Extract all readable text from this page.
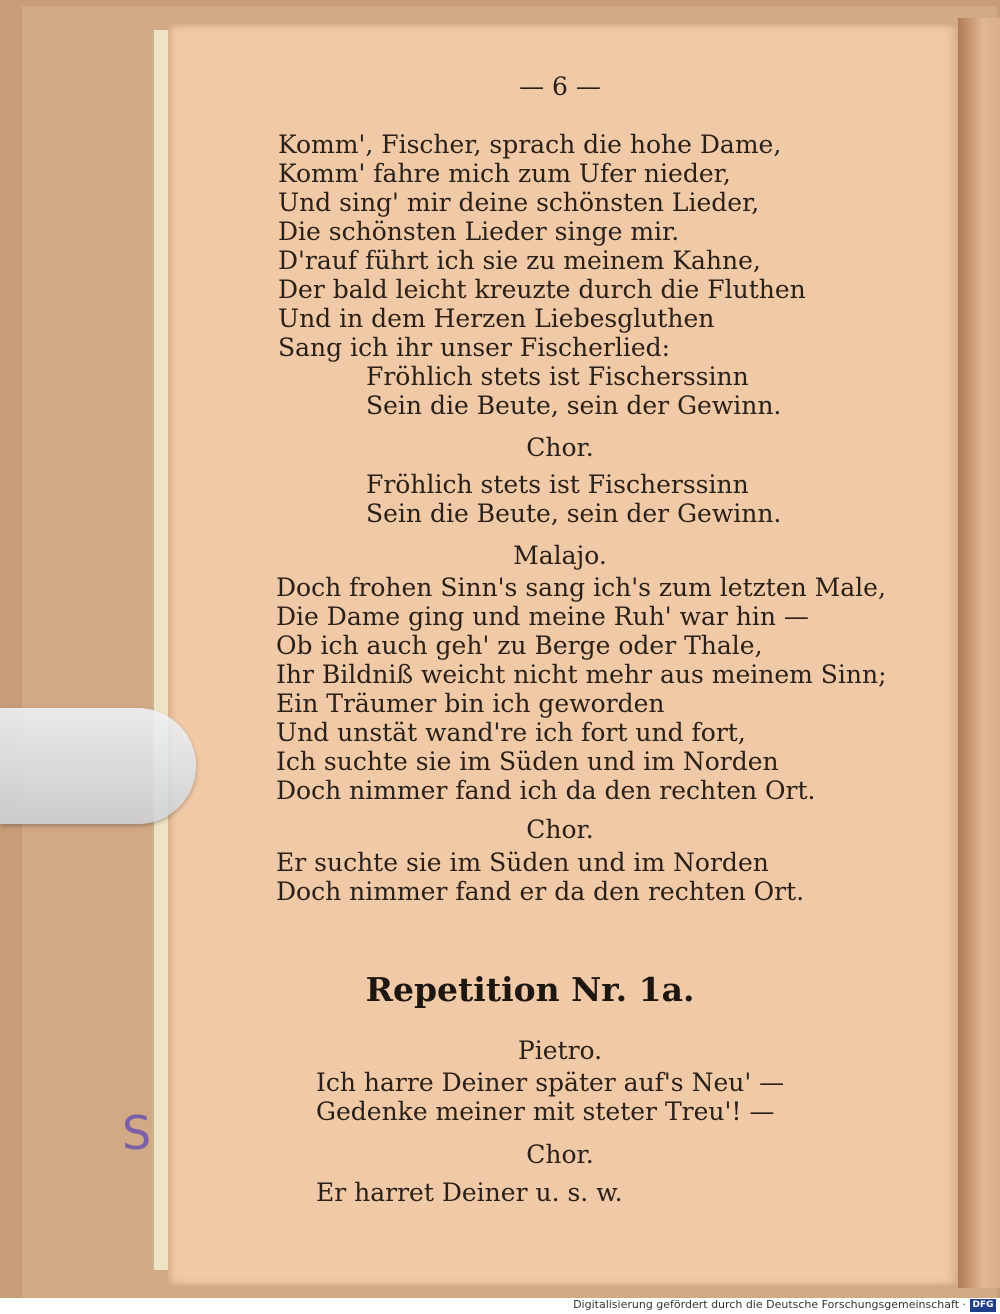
S
— 6 —
Komm', Fischer, sprach die hohe Dame,
Komm' fahre mich zum Ufer nieder,
Und sing' mir deine schönsten Lieder,
Die schönsten Lieder singe mir.
D'rauf führt ich sie zu meinem Kahne,
Der bald leicht kreuzte durch die Fluthen
Und in dem Herzen Liebesgluthen
Sang ich ihr unser Fischerlied:
Fröhlich stets ist Fischerssinn
Sein die Beute, sein der Gewinn.
Chor.
Fröhlich stets ist Fischerssinn
Sein die Beute, sein der Gewinn.
Malajo.
Doch frohen Sinn's sang ich's zum letzten Male,
Die Dame ging und meine Ruh' war hin —
Ob ich auch geh' zu Berge oder Thale,
Ihr Bildniß weicht nicht mehr aus meinem Sinn;
Ein Träumer bin ich geworden
Und unstät wand're ich fort und fort,
Ich suchte sie im Süden und im Norden
Doch nimmer fand ich da den rechten Ort.
Chor.
Er suchte sie im Süden und im Norden
Doch nimmer fand er da den rechten Ort.
Repetition Nr. 1a.
Pietro.
Ich harre Deiner später auf's Neu' —
Gedenke meiner mit steter Treu'! —
Chor.
Er harret Deiner u. s. w.
Digitalisierung gefördert durch die Deutsche Forschungsgemeinschaft · DFG
